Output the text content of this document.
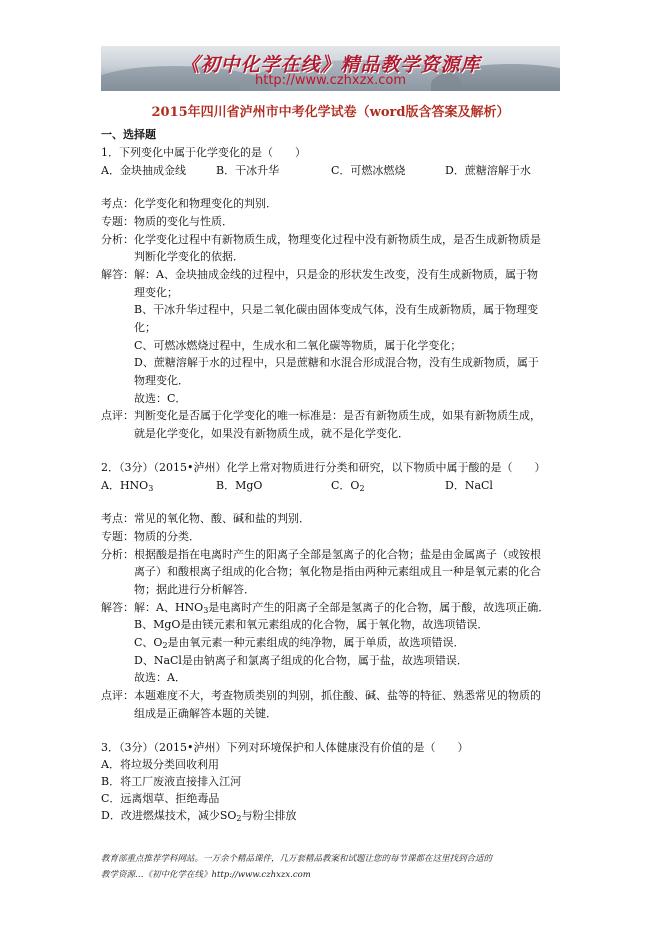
《初中化学在线》精品教学资源库
http://www.czhxzx.com
2015年四川省泸州市中考化学试卷（word版含答案及解析）
一、选择题
1．下列变化中属于化学变化的是（　　）
A．金块抽成金线	B．干冰升华	C．可燃冰燃烧	D．蔗糖溶解于水
考点：化学变化和物理变化的判别．
专题：物质的变化与性质．
分析：化学变化过程中有新物质生成，物理变化过程中没有新物质生成，是否生成新物质是
判断化学变化的依据．
解答：解：A、金块抽成金线的过程中，只是金的形状发生改变，没有生成新物质，属于物
理变化；
B、干冰升华过程中，只是二氧化碳由固体变成气体，没有生成新物质，属于物理变
化；
C、可燃冰燃烧过程中，生成水和二氧化碳等物质，属于化学变化；
D、蔗糖溶解于水的过程中，只是蔗糖和水混合形成混合物，没有生成新物质，属于
物理变化．
故选：C．
点评：判断变化是否属于化学变化的唯一标准是：是否有新物质生成，如果有新物质生成，
就是化学变化，如果没有新物质生成，就不是化学变化．
2．（3分）（2015•泸州）化学上常对物质进行分类和研究，以下物质中属于酸的是（　　）
A．$HNO_3$	B．MgO	C．$O_2$	D．NaCl
考点：常见的氧化物、酸、碱和盐的判别．
专题：物质的分类．
分析：根据酸是指在电离时产生的阳离子全部是氢离子的化合物；盐是由金属离子（或铵根
离子）和酸根离子组成的化合物；氧化物是指由两种元素组成且一种是氧元素的化合
物；据此进行分析解答．
解答：解：A、$HNO_3$是电离时产生的阳离子全部是氢离子的化合物，属于酸，故选项正确．
B、MgO是由镁元素和氧元素组成的化合物，属于氧化物，故选项错误．
C、$O_2$是由氧元素一种元素组成的纯净物，属于单质，故选项错误．
D、NaCl是由钠离子和氯离子组成的化合物，属于盐，故选项错误．
故选：A．
点评：本题难度不大，考查物质类别的判别，抓住酸、碱、盐等的特征、熟悉常见的物质的
组成是正确解答本题的关键．
3．（3分）（2015•泸州）下列对环境保护和人体健康没有价值的是（　　）
A．将垃圾分类回收利用
B．将工厂废液直接排入江河
C．远离烟草、拒绝毒品
D．改进燃煤技术，减少$SO_2$与粉尘排放
教育部重点推荐学科网站。一万余个精品课件，几万套精品教案和试题让您的每节课都在这里找到合适的
教学资源…《初中化学在线》http://www.czhxzx.com
